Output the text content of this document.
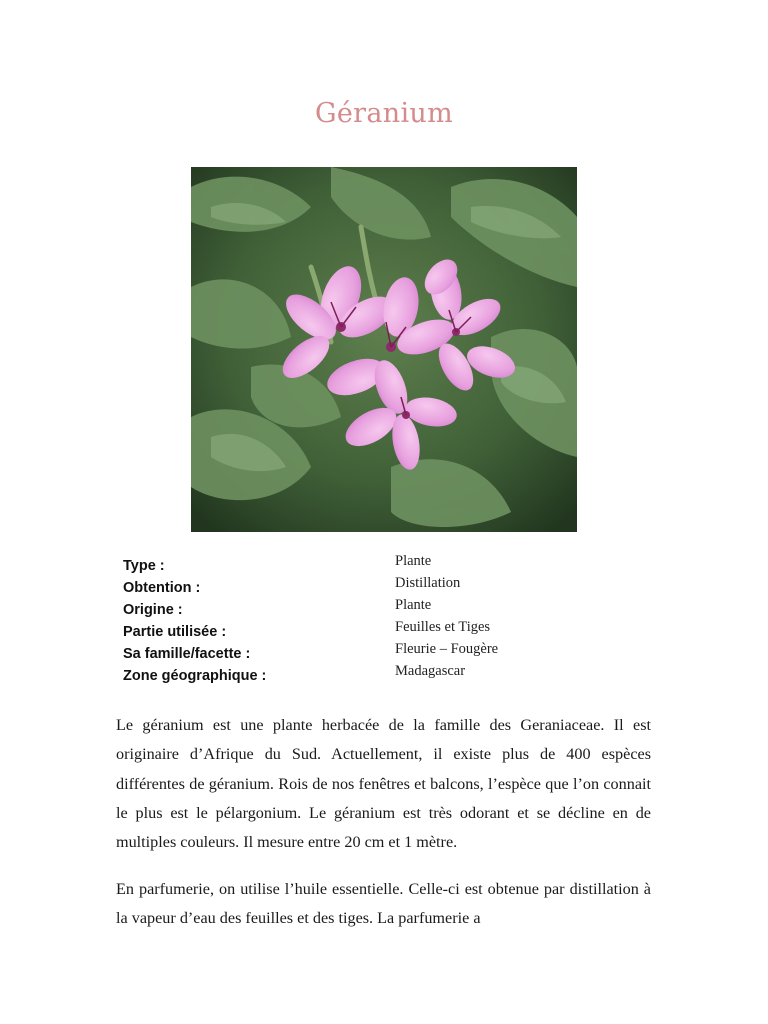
Géranium
Type :	Plante
Obtention :	Distillation
Origine :	Plante
Partie utilisée :	Feuilles et Tiges
Sa famille/facette :	Fleurie – Fougère
Zone géographique :	Madagascar

Le géranium est une plante herbacée de la famille des Geraniaceae. Il est originaire d’Afrique du Sud. Actuellement, il existe plus de 400 espèces différentes de géranium. Rois de nos fenêtres et balcons, l’espèce que l’on connait le plus est le pélargonium. Le géranium est très odorant et se décline en de multiples couleurs. Il mesure entre 20 cm et 1 mètre.

En parfumerie, on utilise l’huile essentielle. Celle-ci est obtenue par distillation à la vapeur d’eau des feuilles et des tiges. La parfumerie a
